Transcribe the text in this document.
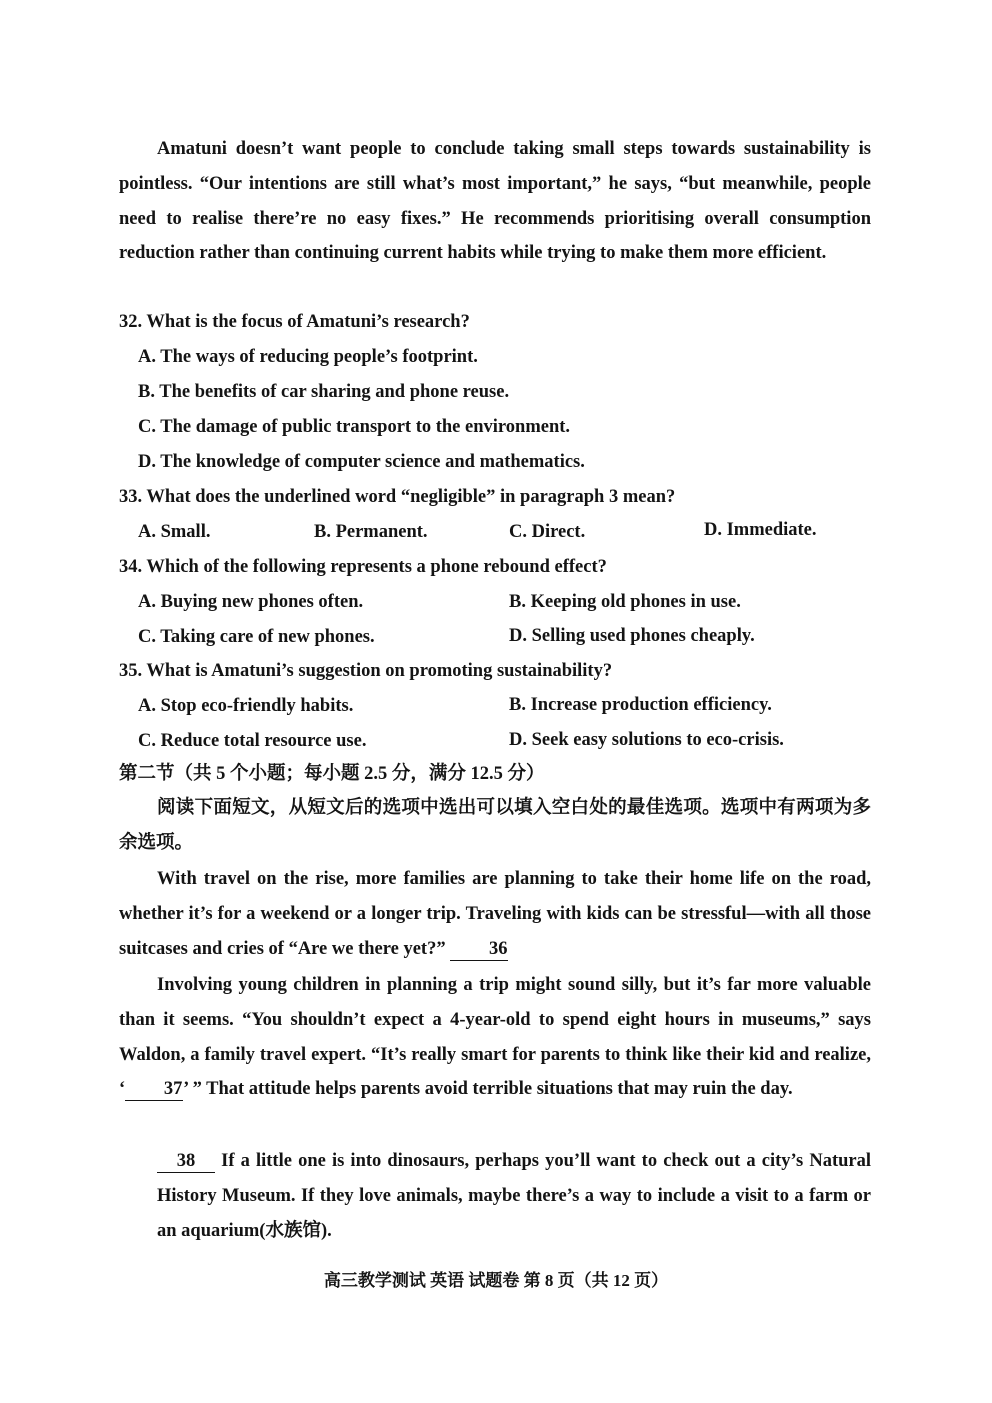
Amatuni doesn’t want people to conclude taking small steps towards sustainability is pointless. “Our intentions are still what’s most important,” he says, “but meanwhile, people need to realise there’re no easy fixes.” He recommends prioritising overall consumption reduction rather than continuing current habits while trying to make them more efficient.

32. What is the focus of Amatuni’s research?
A. The ways of reducing people’s footprint.
B. The benefits of car sharing and phone reuse.
C. The damage of public transport to the environment.
D. The knowledge of computer science and mathematics.
33. What does the underlined word “negligible” in paragraph 3 mean?
A. Small.	B. Permanent.	C. Direct.	D. Immediate.
34. Which of the following represents a phone rebound effect?
A. Buying new phones often.	B. Keeping old phones in use.
C. Taking care of new phones.	D. Selling used phones cheaply.
35. What is Amatuni’s suggestion on promoting sustainability?
A. Stop eco-friendly habits.	B. Increase production efficiency.
C. Reduce total resource use.	D. Seek easy solutions to eco-crisis.
第二节（共 5 个小题；每小题 2.5 分，满分 12.5 分）

阅读下面短文，从短文后的选项中选出可以填入空白处的最佳选项。选项中有两项为多余选项。

With travel on the rise, more families are planning to take their home life on the road, whether it’s for a weekend or a longer trip. Traveling with kids can be stressful—with all those suitcases and cries of “Are we there yet?” 36

Involving young children in planning a trip might sound silly, but it’s far more valuable than it seems. “You shouldn’t expect a 4-year-old to spend eight hours in museums,” says Waldon, a family travel expert. “It’s really smart for parents to think like their kid and realize, ‘ 37’ ” That attitude helps parents avoid terrible situations that may ruin the day.

38 If a little one is into dinosaurs, perhaps you’ll want to check out a city’s Natural History Museum. If they love animals, maybe there’s a way to include a visit to a farm or an aquarium(水族馆).

高三教学测试 英语 试题卷 第 8 页（共 12 页）
